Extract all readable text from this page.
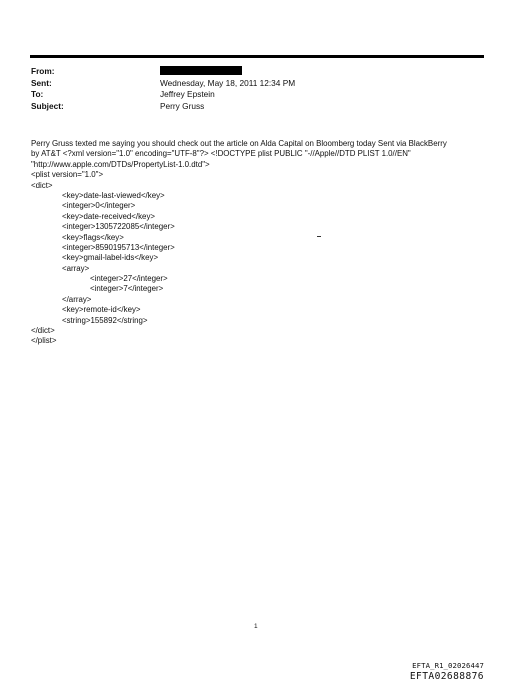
From:
Sent:	Wednesday, May 18, 2011 12:34 PM
To:	Jeffrey Epstein
Subject:	Perry Gruss
Perry Gruss texted me saying you should check out the article on Alda Capital on Bloomberg today Sent via BlackBerry
by AT&T <?xml version="1.0" encoding="UTF-8"?> <!DOCTYPE plist PUBLIC "-//Apple//DTD PLIST 1.0//EN"
"http://www.apple.com/DTDs/PropertyList-1.0.dtd">
<plist version="1.0">
<dict>
<key>date-last-viewed</key>
<integer>0</integer>
<key>date-received</key>
<integer>1305722085</integer>
<key>flags</key>
<integer>8590195713</integer>
<key>gmail-label-ids</key>
<array>
<integer>27</integer>
<integer>7</integer>
</array>
<key>remote-id</key>
<string>155892</string>
</dict>
</plist>
1
EFTA_R1_02026447
EFTA02688876
